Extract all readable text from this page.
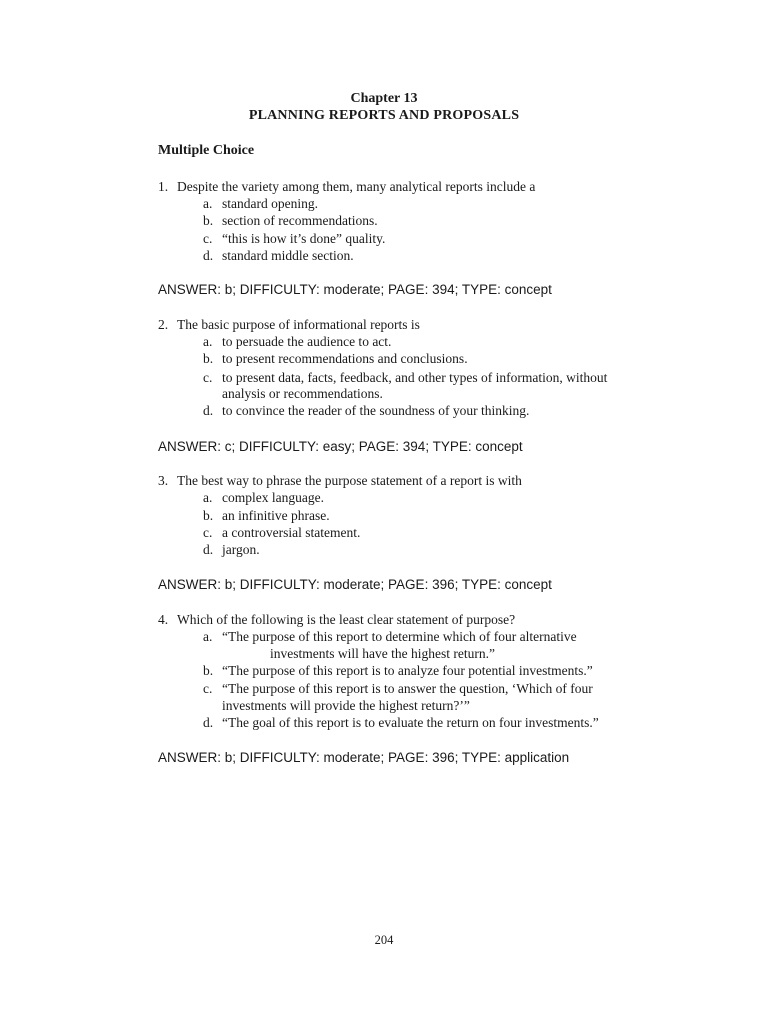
Chapter 13
PLANNING REPORTS AND PROPOSALS
Multiple Choice
1. Despite the variety among them, many analytical reports include a
a. standard opening.
b. section of recommendations.
c. “this is how it’s done” quality.
d. standard middle section.
ANSWER: b; DIFFICULTY: moderate; PAGE: 394; TYPE: concept
2. The basic purpose of informational reports is
a. to persuade the audience to act.
b. to present recommendations and conclusions.
c. to present data, facts, feedback, and other types of information, without
analysis or recommendations.
d. to convince the reader of the soundness of your thinking.
ANSWER: c; DIFFICULTY: easy; PAGE: 394; TYPE: concept
3. The best way to phrase the purpose statement of a report is with
a. complex language.
b. an infinitive phrase.
c. a controversial statement.
d. jargon.
ANSWER: b; DIFFICULTY: moderate; PAGE: 396; TYPE: concept
4. Which of the following is the least clear statement of purpose?
a. “The purpose of this report to determine which of four alternative
investments will have the highest return.”
b. “The purpose of this report is to analyze four potential investments.”
c. “The purpose of this report is to answer the question, ‘Which of four
investments will provide the highest return?’”
d. “The goal of this report is to evaluate the return on four investments.”
ANSWER: b; DIFFICULTY: moderate; PAGE: 396; TYPE: application
204
